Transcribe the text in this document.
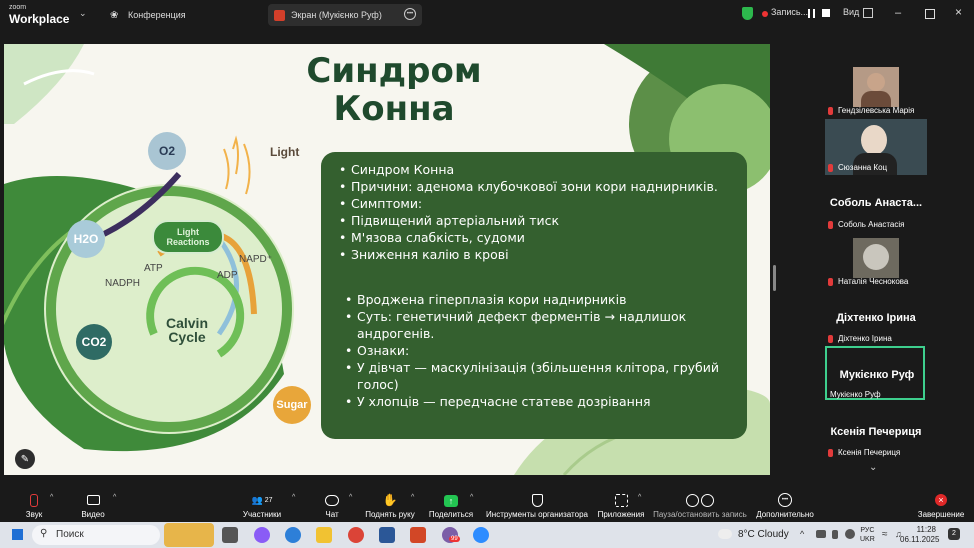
zoom
Workplace ⌄ ❀	Конференция	Экран (Мукієнко Руф)	•••	Запись...	Вид	–	×
O2	Light
H2O	Light
Reactions
ATP
ADP
NAPD⁺
NADPH
Calvin
Cycle
CO2
Sugar
Синдром
Конна
• Синдром Конна
• Причини: аденома клубочкової зони кори наднирників.
• Симптоми:
• Підвищений артеріальний тиск
• М'язова слабкість, судоми
• Зниження калію в крові
• Вроджена гіперплазія кори наднирників
• Суть: генетичний дефект ферментів → надлишок андрогенів.
• Ознаки:
• У дівчат — маскулінізація (збільшення клітора, грубий голос)
• У хлопців — передчасне статеве дозрівання
✎
Гендзілевська Марія
Сюзанна Коц
Соболь Анаста...
Соболь Анастасія
Наталія Чеснокова
Діхтенко Ірина
Діхтенко Ірина
Мукієнко Руф
Мукієнко Руф
Ксенія Печериця
Ксенія Печериця
⌄
Звук
^
Видео
^	👥 27
Участники
^
Чат
^	✋
Поднять руку
^	↑
Поделиться
^
Инструменты организатора Приложения
^
Пауза/остановить запись
•••
Дополнительно
×
Завершение
⚲ Поиск	99	8°C Cloudy ^	РУС
UKR ≈ ♫	11:28
06.11.2025
2
